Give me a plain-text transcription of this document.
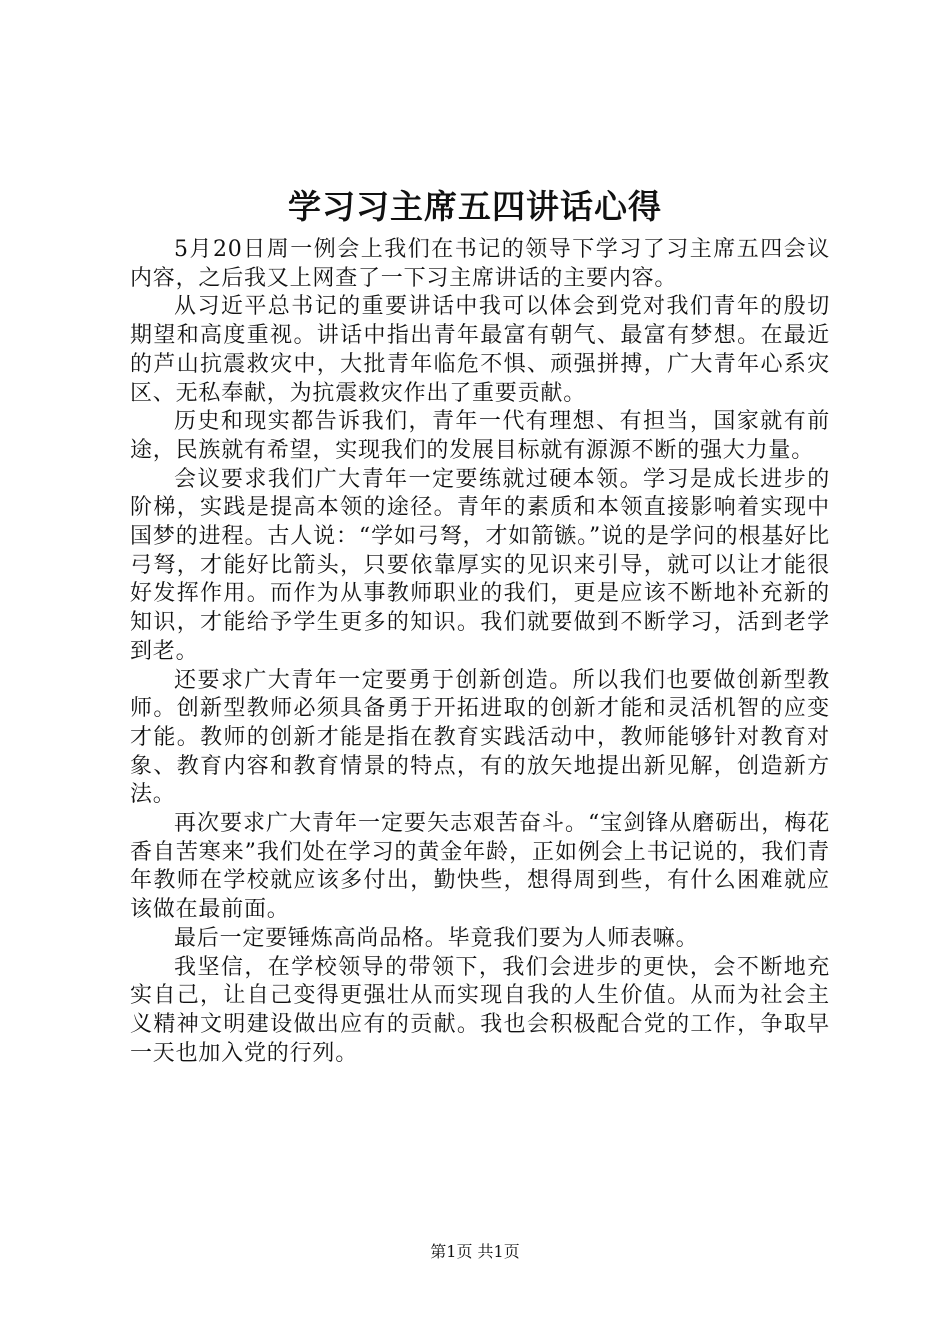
学习习主席五四讲话心得

5月20日周一例会上我们在书记的领导下学习了习主席五四会议内容，之后我又上网查了一下习主席讲话的主要内容。

从习近平总书记的重要讲话中我可以体会到党对我们青年的殷切期望和高度重视。讲话中指出青年最富有朝气、最富有梦想。在最近的芦山抗震救灾中，大批青年临危不惧、顽强拼搏，广大青年心系灾区、无私奉献，为抗震救灾作出了重要贡献。

历史和现实都告诉我们，青年一代有理想、有担当，国家就有前途，民族就有希望，实现我们的发展目标就有源源不断的强大力量。

会议要求我们广大青年一定要练就过硬本领。学习是成长进步的阶梯，实践是提高本领的途径。青年的素质和本领直接影响着实现中国梦的进程。古人说：“学如弓弩，才如箭镞。”说的是学问的根基好比弓弩，才能好比箭头，只要依靠厚实的见识来引导，就可以让才能很好发挥作用。而作为从事教师职业的我们，更是应该不断地补充新的知识，才能给予学生更多的知识。我们就要做到不断学习，活到老学到老。

还要求广大青年一定要勇于创新创造。所以我们也要做创新型教师。创新型教师必须具备勇于开拓进取的创新才能和灵活机智的应变才能。教师的创新才能是指在教育实践活动中，教师能够针对教育对象、教育内容和教育情景的特点，有的放矢地提出新见解，创造新方法。

再次要求广大青年一定要矢志艰苦奋斗。“宝剑锋从磨砺出，梅花香自苦寒来”我们处在学习的黄金年龄，正如例会上书记说的，我们青年教师在学校就应该多付出，勤快些，想得周到些，有什么困难就应该做在最前面。

最后一定要锤炼高尚品格。毕竟我们要为人师表嘛。

我坚信，在学校领导的带领下，我们会进步的更快，会不断地充实自己，让自己变得更强壮从而实现自我的人生价值。从而为社会主义精神文明建设做出应有的贡献。我也会积极配合党的工作，争取早一天也加入党的行列。

第1页 共1页
